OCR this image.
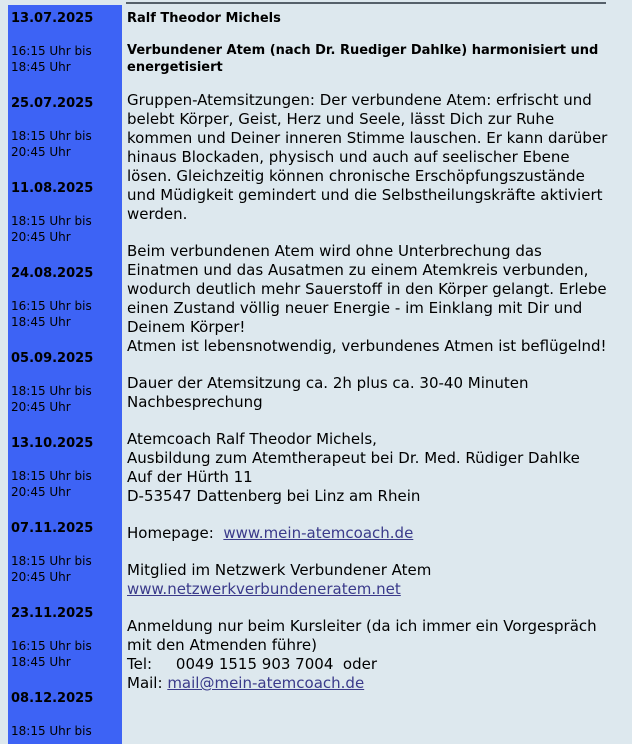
13.07.2025
16:15 Uhr bis
18:45 Uhr
25.07.2025
18:15 Uhr bis
20:45 Uhr
11.08.2025
18:15 Uhr bis
20:45 Uhr
24.08.2025
16:15 Uhr bis
18:45 Uhr
05.09.2025
18:15 Uhr bis
20:45 Uhr
13.10.2025
18:15 Uhr bis
20:45 Uhr
07.11.2025
18:15 Uhr bis
20:45 Uhr
23.11.2025
16:15 Uhr bis
18:45 Uhr
08.12.2025
18:15 Uhr bis

Ralf Theodor Michels

Verbundener Atem (nach Dr. Ruediger Dahlke) harmonisiert und energetisiert

Gruppen-Atemsitzungen: Der verbundene Atem: erfrischt und belebt Körper, Geist, Herz und Seele, lässt Dich zur Ruhe kommen und Deiner inneren Stimme lauschen. Er kann darüber hinaus Blockaden, physisch und auch auf seelischer Ebene lösen. Gleichzeitig können chronische Erschöpfungszustände und Müdigkeit gemindert und die Selbstheilungskräfte aktiviert werden.

Beim verbundenen Atem wird ohne Unterbrechung das Einatmen und das Ausatmen zu einem Atemkreis verbunden, wodurch deutlich mehr Sauerstoff in den Körper gelangt. Erlebe einen Zustand völlig neuer Energie - im Einklang mit Dir und Deinem Körper!

Atmen ist lebensnotwendig, verbundenes Atmen ist beflügelnd!

Dauer der Atemsitzung ca. 2h plus ca. 30-40 Minuten Nachbesprechung

Atemcoach Ralf Theodor Michels,

Ausbildung zum Atemtherapeut bei Dr. Med. Rüdiger Dahlke

Auf der Hürth 11

D-53547 Dattenberg bei Linz am Rhein

Homepage: www.mein-atemcoach.de

Mitglied im Netzwerk Verbundener Atem

www.netzwerkverbundeneratem.net

Anmeldung nur beim Kursleiter (da ich immer ein Vorgespräch mit den Atmenden führe)

Tel:     0049 1515 903 7004  oder

Mail: mail@mein-atemcoach.de
